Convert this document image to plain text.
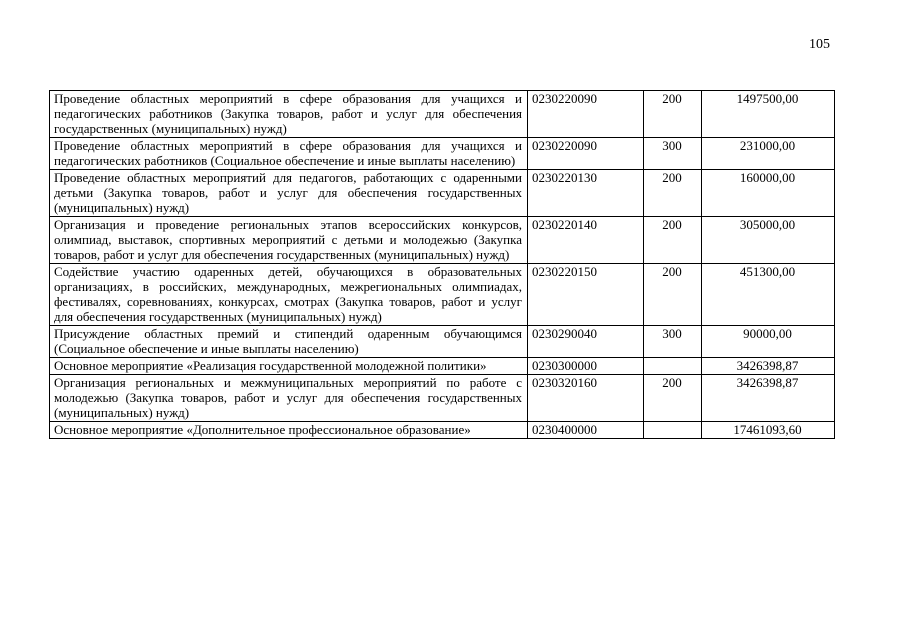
105
Проведение областных мероприятий в сфере образования для учащихся и педагогических работников (Закупка товаров, работ и услуг для обеспечения государственных (муниципальных) нужд)	0230220090	200	1497500,00
Проведение областных мероприятий в сфере образования для учащихся и педагогических работников (Социальное обеспечение и иные выплаты населению)	0230220090	300	231000,00
Проведение областных мероприятий для педагогов, работающих с одаренными детьми (Закупка товаров, работ и услуг для обеспечения государственных (муниципальных) нужд)	0230220130	200	160000,00
Организация и проведение региональных этапов всероссийских конкурсов, олимпиад, выставок, спортивных мероприятий с детьми и молодежью (Закупка товаров, работ и услуг для обеспечения государственных (муниципальных) нужд)	0230220140	200	305000,00
Содействие участию одаренных детей, обучающихся в образовательных организациях, в российских, международных, межрегиональных олимпиадах, фестивалях, соревнованиях, конкурсах, смотрах (Закупка товаров, работ и услуг для обеспечения государственных (муниципальных) нужд)	0230220150	200	451300,00
Присуждение областных премий и стипендий одаренным обучающимся (Социальное обеспечение и иные выплаты населению)	0230290040	300	90000,00
Основное мероприятие «Реализация государственной молодежной политики»	0230300000		3426398,87
Организация региональных и межмуниципальных мероприятий по работе с молодежью (Закупка товаров, работ и услуг для обеспечения государственных (муниципальных) нужд)	0230320160	200	3426398,87
Основное мероприятие «Дополнительное профессиональное образование»	0230400000		17461093,60
